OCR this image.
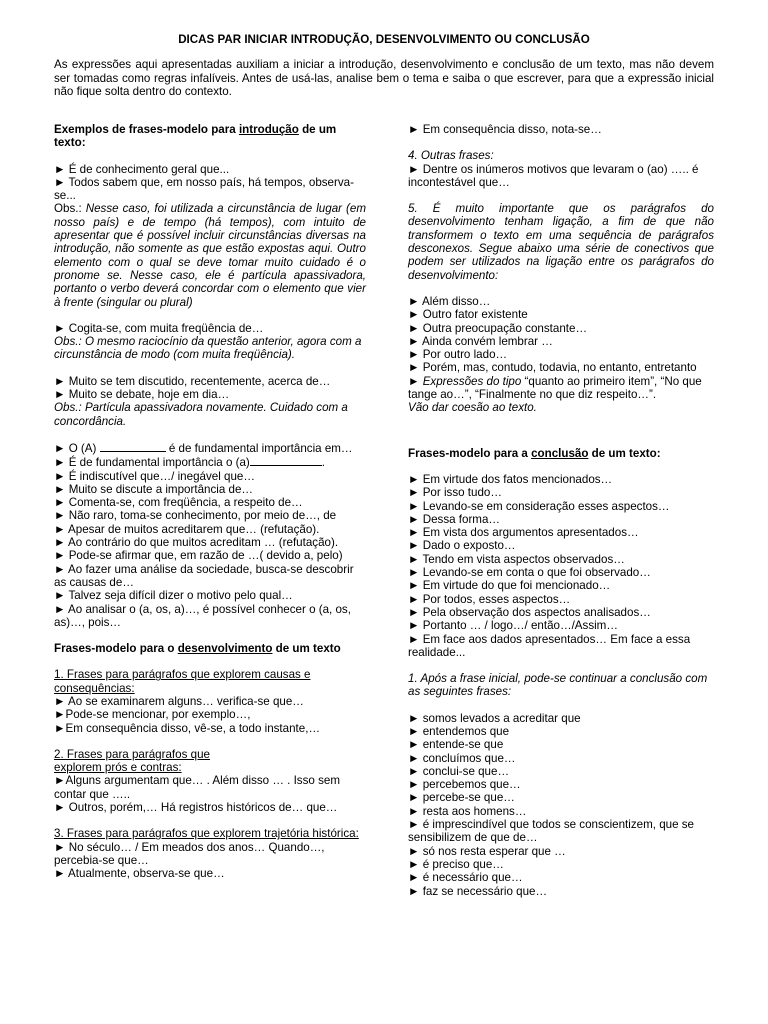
DICAS PAR INICIAR INTRODUÇÃO, DESENVOLVIMENTO OU CONCLUSÃO
As expressões aqui apresentadas auxiliam a iniciar a introdução, desenvolvimento e conclusão de um texto, mas não devem ser tomadas como regras infalíveis. Antes de usá-las, analise bem o tema e saiba o que escrever, para que a expressão inicial não fique solta dentro do contexto.
Exemplos de frases-modelo para introdução de um texto:
► É de conhecimento geral que...
► Todos sabem que, em nosso país, há tempos, observa-se...
Obs.: Nesse caso, foi utilizada a circunstância de lugar (em nosso país) e de tempo (há tempos), com intuito de apresentar que é possível incluir circunstâncias diversas na introdução, não somente as que estão expostas aqui. Outro elemento com o qual se deve tomar muito cuidado é o pronome se. Nesse caso, ele é partícula apassivadora, portanto o verbo deverá concordar com o elemento que vier à frente (singular ou plural)
► Cogita-se, com muita freqüência de…
Obs.: O mesmo raciocínio da questão anterior, agora com a circunstância de modo (com muita freqüência).
► Muito se tem discutido, recentemente, acerca de…
► Muito se debate, hoje em dia…
Obs.: Partícula apassivadora novamente. Cuidado com a concordância.
► O (A)	é de fundamental importância em…
► É de fundamental importância o (a)	.
► É indiscutível que…/ inegável que…
► Muito se discute a importância de…
► Comenta-se, com freqüência, a respeito de…
► Não raro, toma-se conhecimento, por meio de…, de
► Apesar de muitos acreditarem que… (refutação).
► Ao contrário do que muitos acreditam … (refutação).
► Pode-se afirmar que, em razão de …( devido a, pelo)
► Ao fazer uma análise da sociedade, busca-se descobrir as causas de…
► Talvez seja difícil dizer o motivo pelo qual…
► Ao analisar o (a, os, a)…, é possível conhecer o (a, os, as)…, pois…
Frases-modelo para o desenvolvimento de um texto
1. Frases para parágrafos que explorem causas e consequências:
► Ao se examinarem alguns… verifica-se que…
►Pode-se mencionar, por exemplo…,
►Em consequência disso, vê-se, a todo instante,…
2. Frases para parágrafos que explorem prós e contras:
►Alguns argumentam que… . Além disso … . Isso sem contar que …..
► Outros, porém,… Há registros históricos de… que…
3. Frases para parágrafos que explorem trajetória histórica:
► No século… / Em meados dos anos… Quando…, percebia-se que…
► Atualmente, observa-se que…
► Em consequência disso, nota-se…
4. Outras frases:
► Dentre os inúmeros motivos que levaram o (ao) ….. é incontestável que…
5. É muito importante que os parágrafos do desenvolvimento tenham ligação, a fim de que não transformem o texto em uma sequência de parágrafos desconexos. Segue abaixo uma série de conectivos que podem ser utilizados na ligação entre os parágrafos do desenvolvimento:
► Além disso…
► Outro fator existente
► Outra preocupação constante…
► Ainda convém lembrar …
► Por outro lado…
► Porém, mas, contudo, todavia, no entanto, entretanto
► Expressões do tipo “quanto ao primeiro item”, “No que tange ao…”, “Finalmente no que diz respeito…”.
Vão dar coesão ao texto.
Frases-modelo para a conclusão de um texto:
► Em virtude dos fatos mencionados…
► Por isso tudo…
► Levando-se em consideração esses aspectos…
► Dessa forma…
► Em vista dos argumentos apresentados…
► Dado o exposto…
► Tendo em vista aspectos observados…
► Levando-se em conta o que foi observado…
► Em virtude do que foi mencionado…
► Por todos, esses aspectos…
► Pela observação dos aspectos analisados…
► Portanto … / logo…/ então…/Assim…
► Em face aos dados apresentados… Em face a essa realidade...
1. Após a frase inicial, pode-se continuar a conclusão com as seguintes frases:
► somos levados a acreditar que
► entendemos que
► entende-se que
► concluímos que…
► conclui-se que…
► percebemos que…
► percebe-se que…
► resta aos homens…
► é imprescindível que todos se conscientizem, que se sensibilizem de que de…
► só nos resta esperar que …
► é preciso que…
► é necessário que…
► faz se necessário que…
